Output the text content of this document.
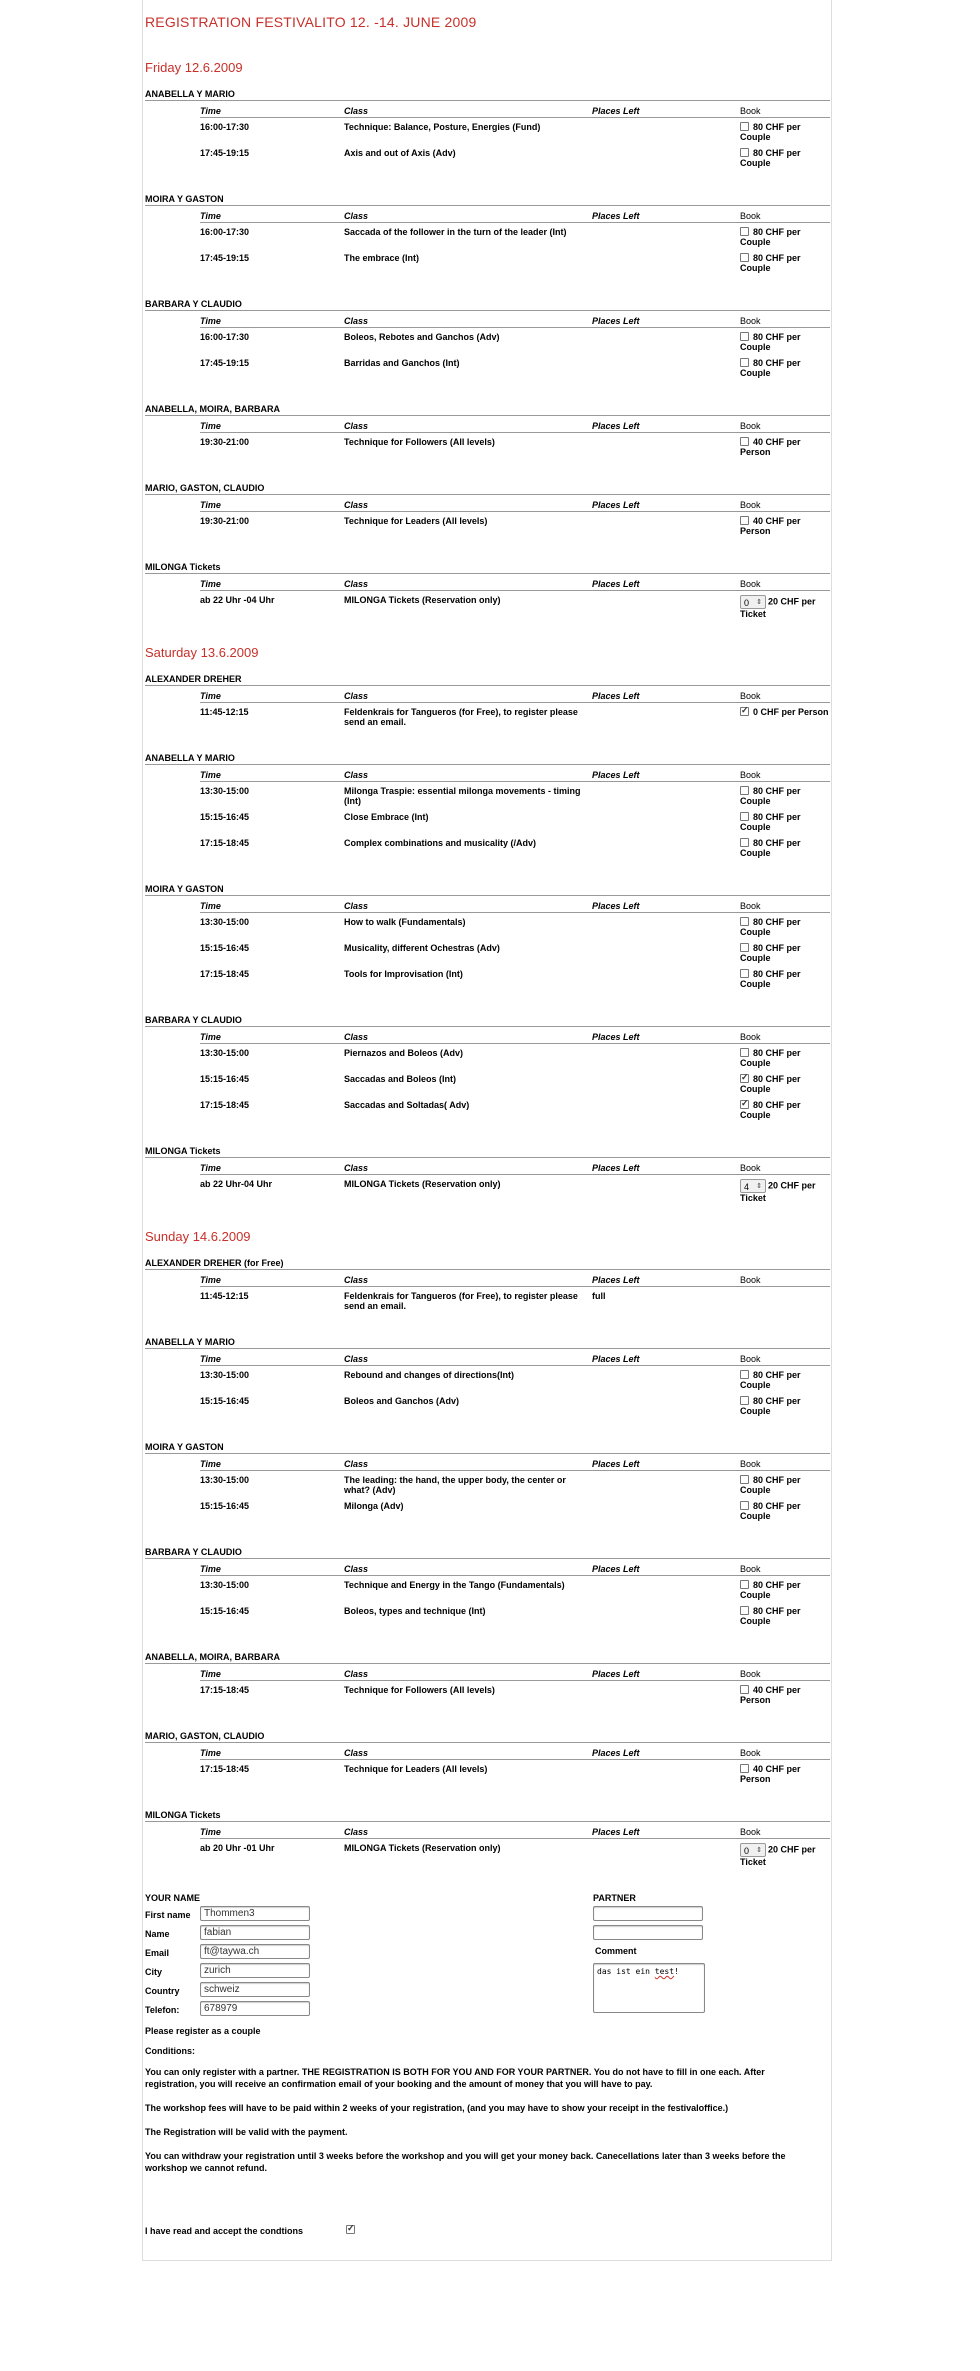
REGISTRATION FESTIVALITO 12. -14. JUNE 2009
Friday 12.6.2009
ANABELLA Y MARIO
Time	Class	Places Left	Book
16:00-17:30	Technique: Balance, Posture, Energies (Fund)		80 CHF per Couple
17:45-19:15	Axis and out of Axis (Adv)		80 CHF per Couple
MOIRA Y GASTON
Time	Class	Places Left	Book
16:00-17:30	Saccada of the follower in the turn of the leader (Int)		80 CHF per Couple
17:45-19:15	The embrace (Int)		80 CHF per Couple
BARBARA Y CLAUDIO
Time	Class	Places Left	Book
16:00-17:30	Boleos, Rebotes and Ganchos (Adv)		80 CHF per Couple
17:45-19:15	Barridas and Ganchos (Int)		80 CHF per Couple
ANABELLA, MOIRA, BARBARA
Time	Class	Places Left	Book
19:30-21:00	Technique for Followers (All levels)		40 CHF per Person
MARIO, GASTON, CLAUDIO
Time	Class	Places Left	Book
19:30-21:00	Technique for Leaders (All levels)		40 CHF per Person
MILONGA Tickets
Time	Class	Places Left	Book
ab 22 Uhr -04 Uhr	MILONGA Tickets (Reservation only)		0 ⇕ 20 CHF per Ticket
Saturday 13.6.2009
ALEXANDER DREHER
Time	Class	Places Left	Book
11:45-12:15	Feldenkrais for Tangueros (for Free), to register please send an email.		✓0 CHF per Person
ANABELLA Y MARIO
Time	Class	Places Left	Book
13:30-15:00	Milonga Traspie: essential milonga movements - timing (Int)		80 CHF per Couple
15:15-16:45	Close Embrace (Int)		80 CHF per Couple
17:15-18:45	Complex combinations and musicality (/Adv)		80 CHF per Couple
MOIRA Y GASTON
Time	Class	Places Left	Book
13:30-15:00	How to walk (Fundamentals)		80 CHF per Couple
15:15-16:45	Musicality, different Ochestras (Adv)		80 CHF per Couple
17:15-18:45	Tools for Improvisation (Int)		80 CHF per Couple
BARBARA Y CLAUDIO
Time	Class	Places Left	Book
13:30-15:00	Piernazos and Boleos (Adv)		80 CHF per Couple
15:15-16:45	Saccadas and Boleos (Int)		✓80 CHF per Couple
17:15-18:45	Saccadas and Soltadas( Adv)		✓80 CHF per Couple
MILONGA Tickets
Time	Class	Places Left	Book
ab 22 Uhr-04 Uhr	MILONGA Tickets (Reservation only)		4 ⇕ 20 CHF per Ticket
Sunday 14.6.2009
ALEXANDER DREHER (for Free)
Time	Class	Places Left	Book
11:45-12:15	Feldenkrais for Tangueros (for Free), to register please send an email.	full	
ANABELLA Y MARIO
Time	Class	Places Left	Book
13:30-15:00	Rebound and changes of directions(Int)		80 CHF per Couple
15:15-16:45	Boleos and Ganchos (Adv)		80 CHF per Couple
MOIRA Y GASTON
Time	Class	Places Left	Book
13:30-15:00	The leading: the hand, the upper body, the center or what? (Adv)		80 CHF per Couple
15:15-16:45	Milonga (Adv)		80 CHF per Couple
BARBARA Y CLAUDIO
Time	Class	Places Left	Book
13:30-15:00	Technique and Energy in the Tango (Fundamentals)		80 CHF per Couple
15:15-16:45	Boleos, types and technique (Int)		80 CHF per Couple
ANABELLA, MOIRA, BARBARA
Time	Class	Places Left	Book
17:15-18:45	Technique for Followers (All levels)		40 CHF per Person
MARIO, GASTON, CLAUDIO
Time	Class	Places Left	Book
17:15-18:45	Technique for Leaders (All levels)		40 CHF per Person
MILONGA Tickets
Time	Class	Places Left	Book
ab 20 Uhr -01 Uhr	MILONGA Tickets (Reservation only)		0 ⇕ 20 CHF per Ticket
YOUR NAME	PARTNER
First name	Thommen3
Name	fabian
Email	ft@taywa.ch	Comment
City	zurich	das ist ein test!
Country	schweiz
Telefon:	678979
Please register as a couple
Conditions:

You can only register with a partner. THE REGISTRATION IS BOTH FOR YOU AND FOR YOUR PARTNER. You do not have to fill in one each. After registration, you will receive an confirmation email of your booking and the amount of money that you will have to pay.

The workshop fees will have to be paid within 2 weeks of your registration, (and you may have to show your receipt in the festivaloffice.)

The Registration will be valid with the payment.

You can withdraw your registration until 3 weeks before the workshop and you will get your money back. Canecellations later than 3 weeks before the workshop we cannot refund.

I have read and accept the condtions
✓
